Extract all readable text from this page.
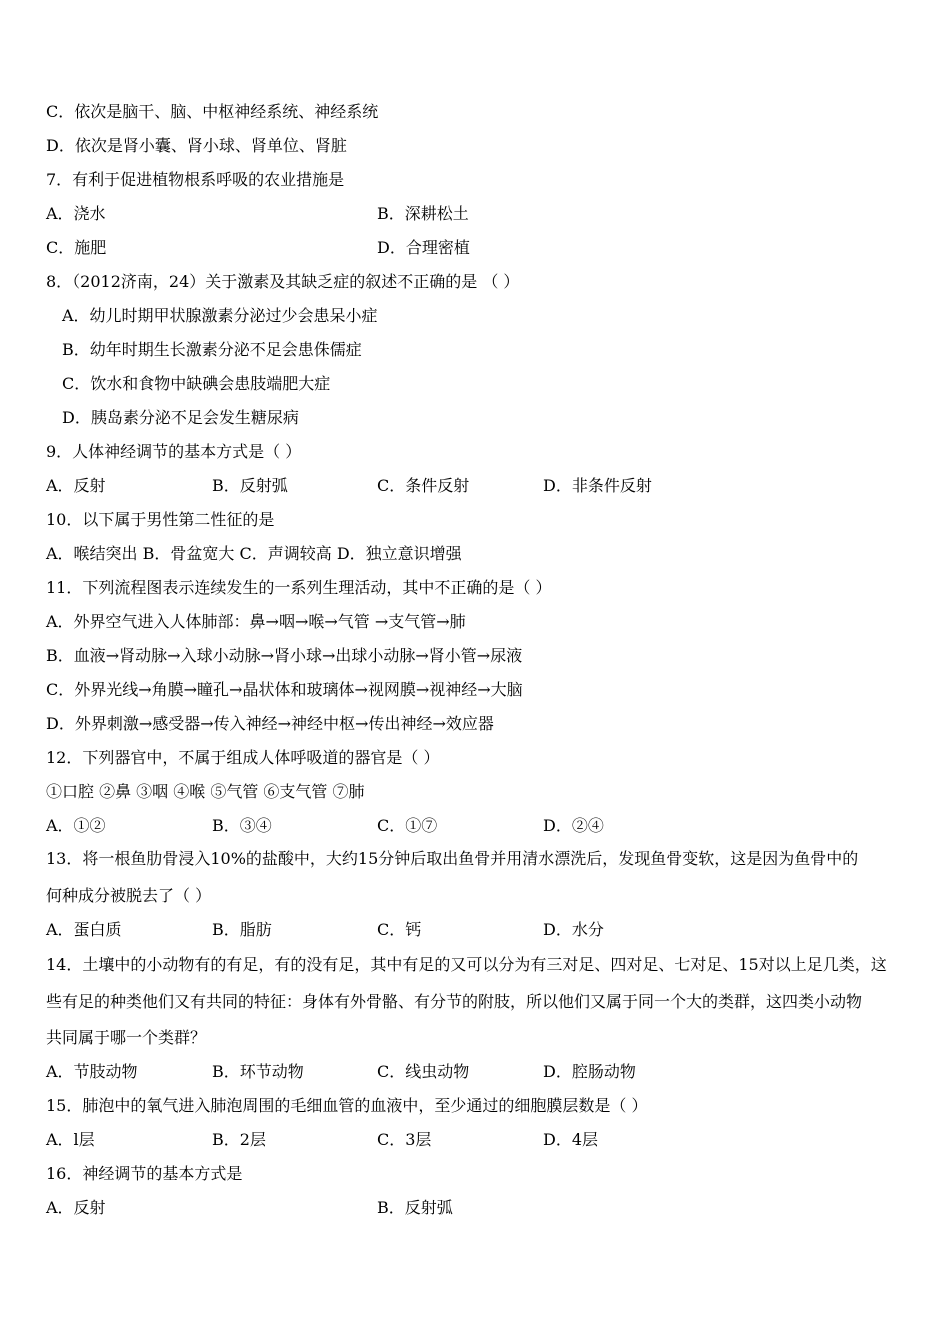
C．依次是脑干、脑、中枢神经系统、神经系统
D．依次是肾小囊、肾小球、肾单位、肾脏
7．有利于促进植物根系呼吸的农业措施是
A．浇水	B．深耕松土
C．施肥	D．合理密植
8．（2012济南，24）关于激素及其缺乏症的叙述不正确的是 （ ）
A．幼儿时期甲状腺激素分泌过少会患呆小症
B．幼年时期生长激素分泌不足会患侏儒症
C．饮水和食物中缺碘会患肢端肥大症
D．胰岛素分泌不足会发生糖尿病
9．人体神经调节的基本方式是（ ）
A．反射	B．反射弧	C．条件反射	D．非条件反射
10．以下属于男性第二性征的是
A．喉结突出 B．骨盆宽大 C．声调较高 D．独立意识增强
11．下列流程图表示连续发生的一系列生理活动，其中不正确的是（ ）
A．外界空气进入人体肺部：鼻→咽→喉→气管 →支气管→肺
B．血液→肾动脉→入球小动脉→肾小球→出球小动脉→肾小管→尿液
C．外界光线→角膜→瞳孔→晶状体和玻璃体→视网膜→视神经→大脑
D．外界刺激→感受器→传入神经→神经中枢→传出神经→效应器
12．下列器官中，不属于组成人体呼吸道的器官是（ ）
①口腔 ②鼻 ③咽 ④喉 ⑤气管 ⑥支气管 ⑦肺
A．①②	B．③④	C．①⑦	D．②④
13．将一根鱼肋骨浸入10%的盐酸中，大约15分钟后取出鱼骨并用清水漂洗后，发现鱼骨变软，这是因为鱼骨中的
何种成分被脱去了（ ）
A．蛋白质	B．脂肪	C．钙	D．水分
14．土壤中的小动物有的有足，有的没有足，其中有足的又可以分为有三对足、四对足、七对足、15对以上足几类，这
些有足的种类他们又有共同的特征：身体有外骨骼、有分节的附肢，所以他们又属于同一个大的类群，这四类小动物
共同属于哪一个类群？
A．节肢动物	B．环节动物	C．线虫动物	D．腔肠动物
15．肺泡中的氧气进入肺泡周围的毛细血管的血液中，至少通过的细胞膜层数是（ ）
A．l层	B．2层	C．3层	D．4层
16．神经调节的基本方式是
A．反射	B．反射弧
